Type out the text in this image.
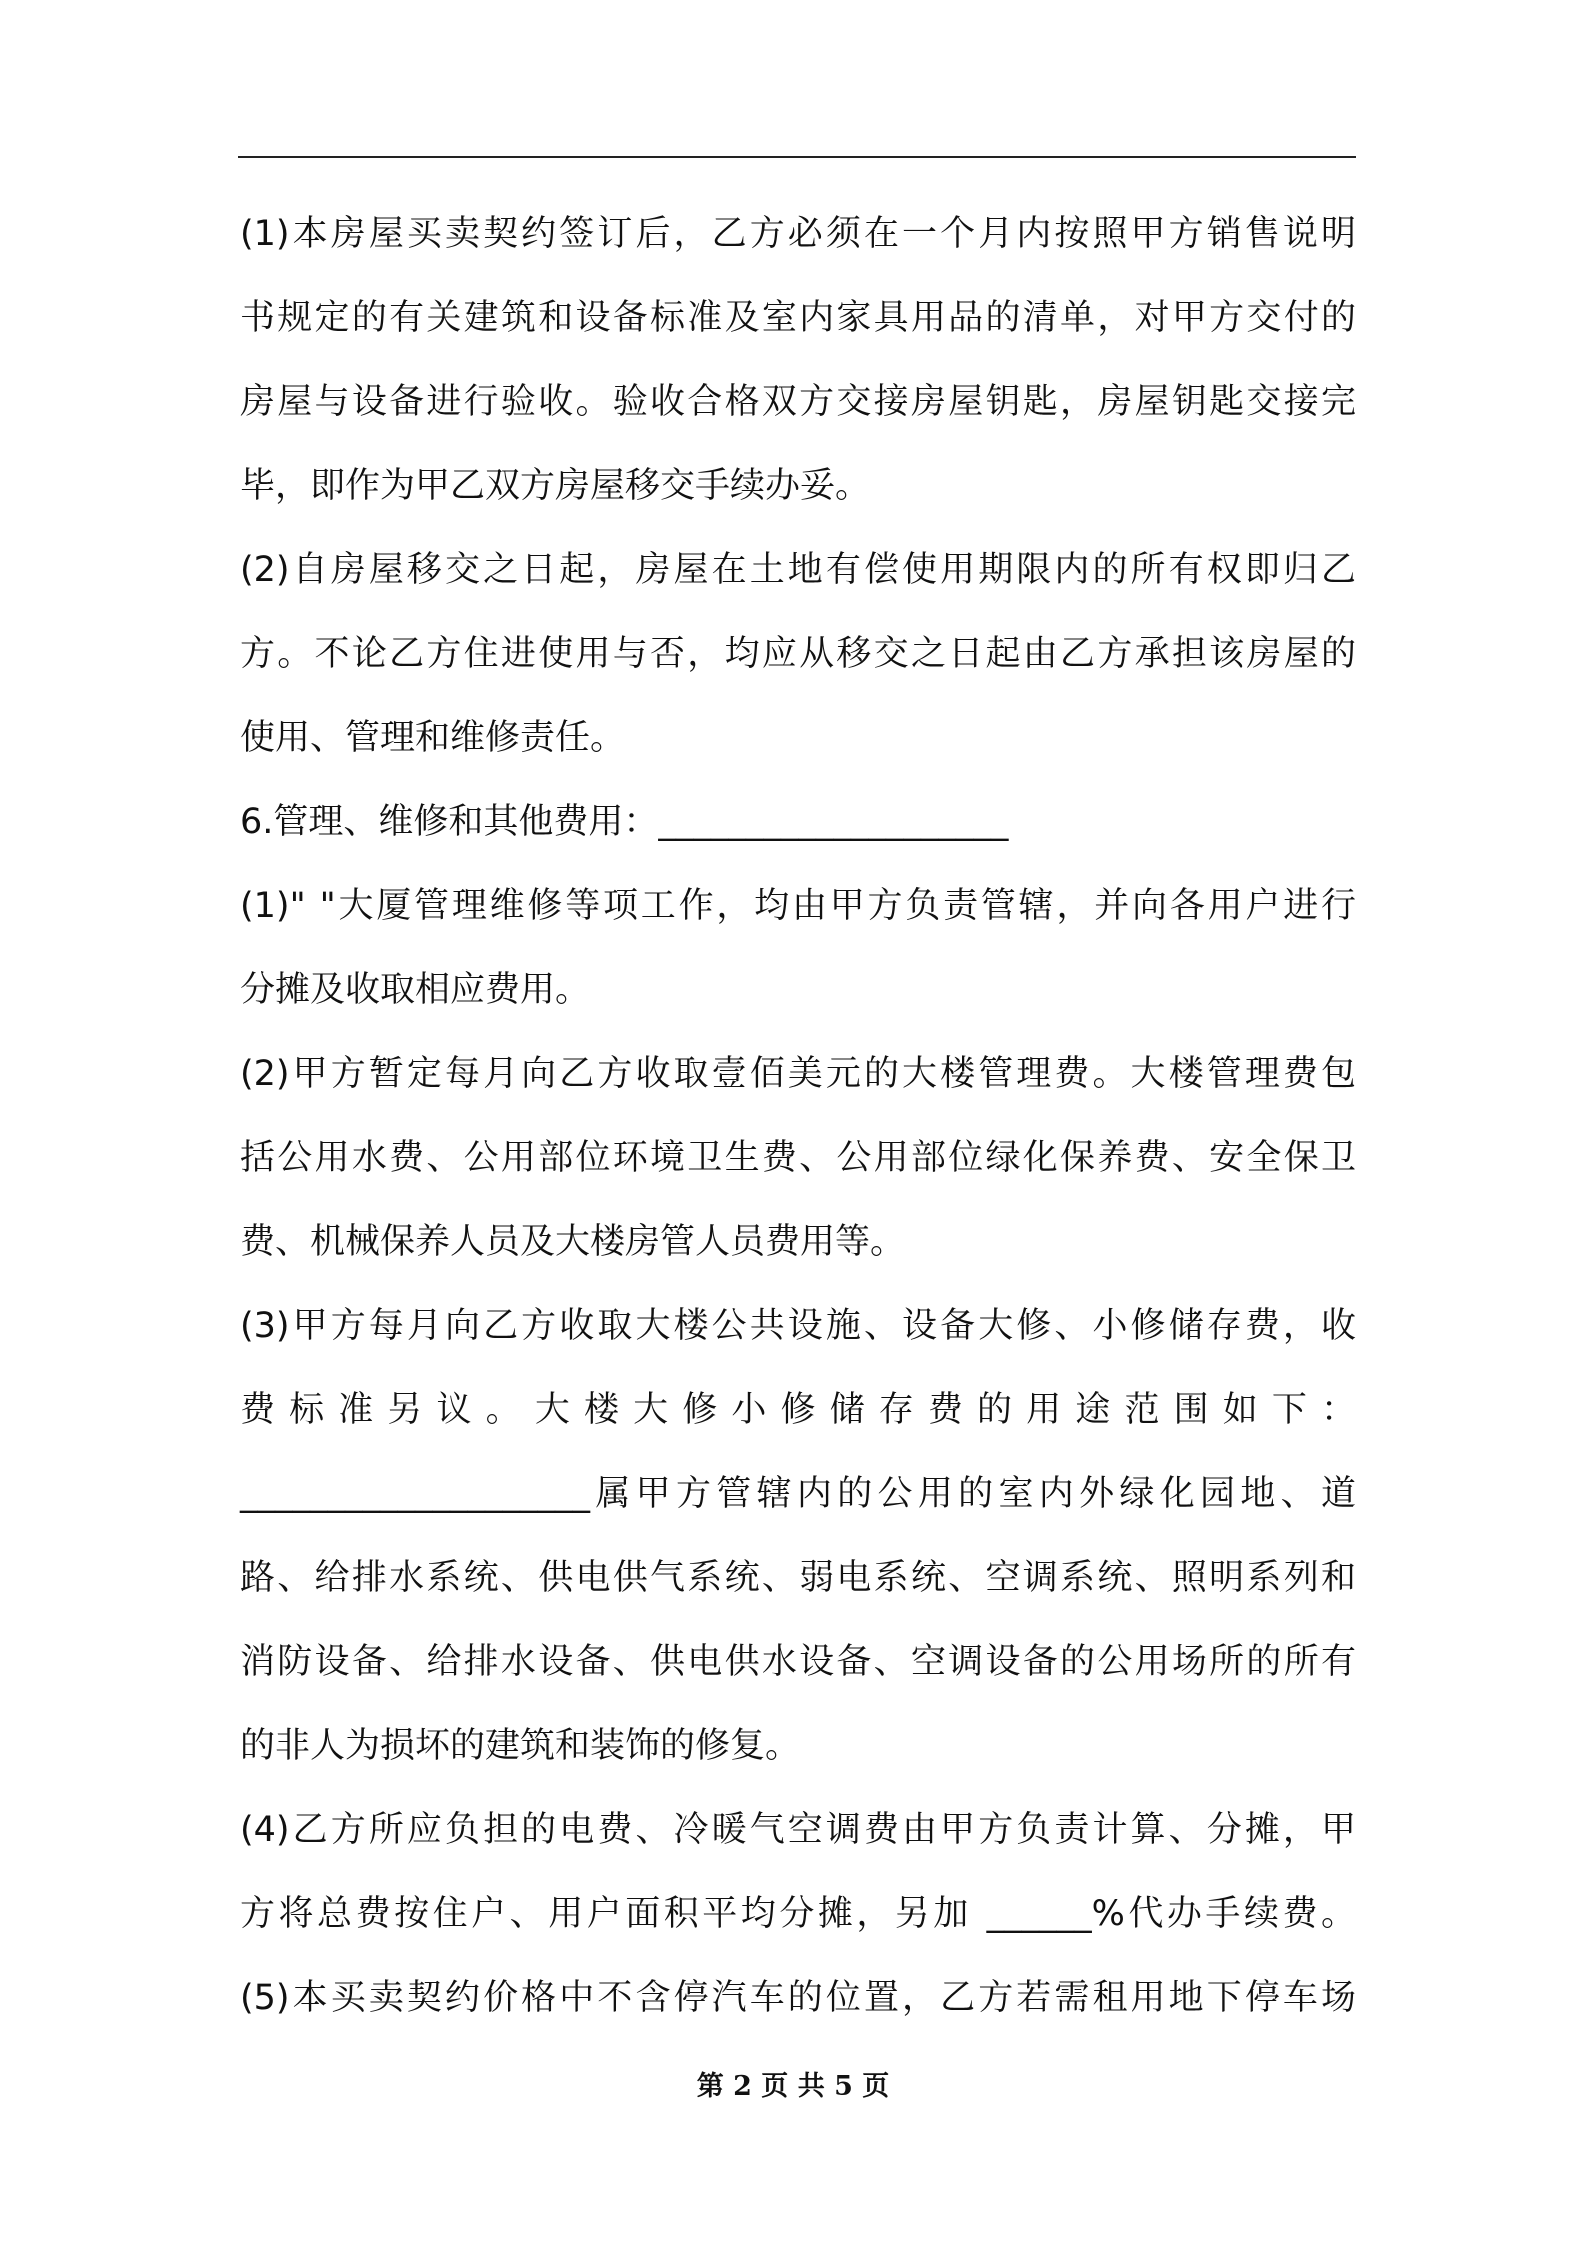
(1)本房屋买卖契约签订后，乙方必须在一个月内按照甲方销售说明
书规定的有关建筑和设备标准及室内家具用品的清单，对甲方交付的
房屋与设备进行验收。验收合格双方交接房屋钥匙，房屋钥匙交接完
毕，即作为甲乙双方房屋移交手续办妥。
(2)自房屋移交之日起，房屋在土地有偿使用期限内的所有权即归乙
方。不论乙方住进使用与否，均应从移交之日起由乙方承担该房屋的
使用、管理和维修责任。
6.管理、维修和其他费用：____________________
(1)" "大厦管理维修等项工作，均由甲方负责管辖，并向各用户进行
分摊及收取相应费用。
(2)甲方暂定每月向乙方收取壹佰美元的大楼管理费。大楼管理费包
括公用水费、公用部位环境卫生费、公用部位绿化保养费、安全保卫
费、机械保养人员及大楼房管人员费用等。
(3)甲方每月向乙方收取大楼公共设施、设备大修、小修储存费，收
费标准另议。大楼大修小修储存费的用途范围如下：
____________________属甲方管辖内的公用的室内外绿化园地、道
路、给排水系统、供电供气系统、弱电系统、空调系统、照明系列和
消防设备、给排水设备、供电供水设备、空调设备的公用场所的所有
的非人为损坏的建筑和装饰的修复。
(4)乙方所应负担的电费、冷暖气空调费由甲方负责计算、分摊，甲
方将总费按住户、用户面积平均分摊，另加 ______%代办手续费。
(5)本买卖契约价格中不含停汽车的位置，乙方若需租用地下停车场
第 2 页 共 5 页
